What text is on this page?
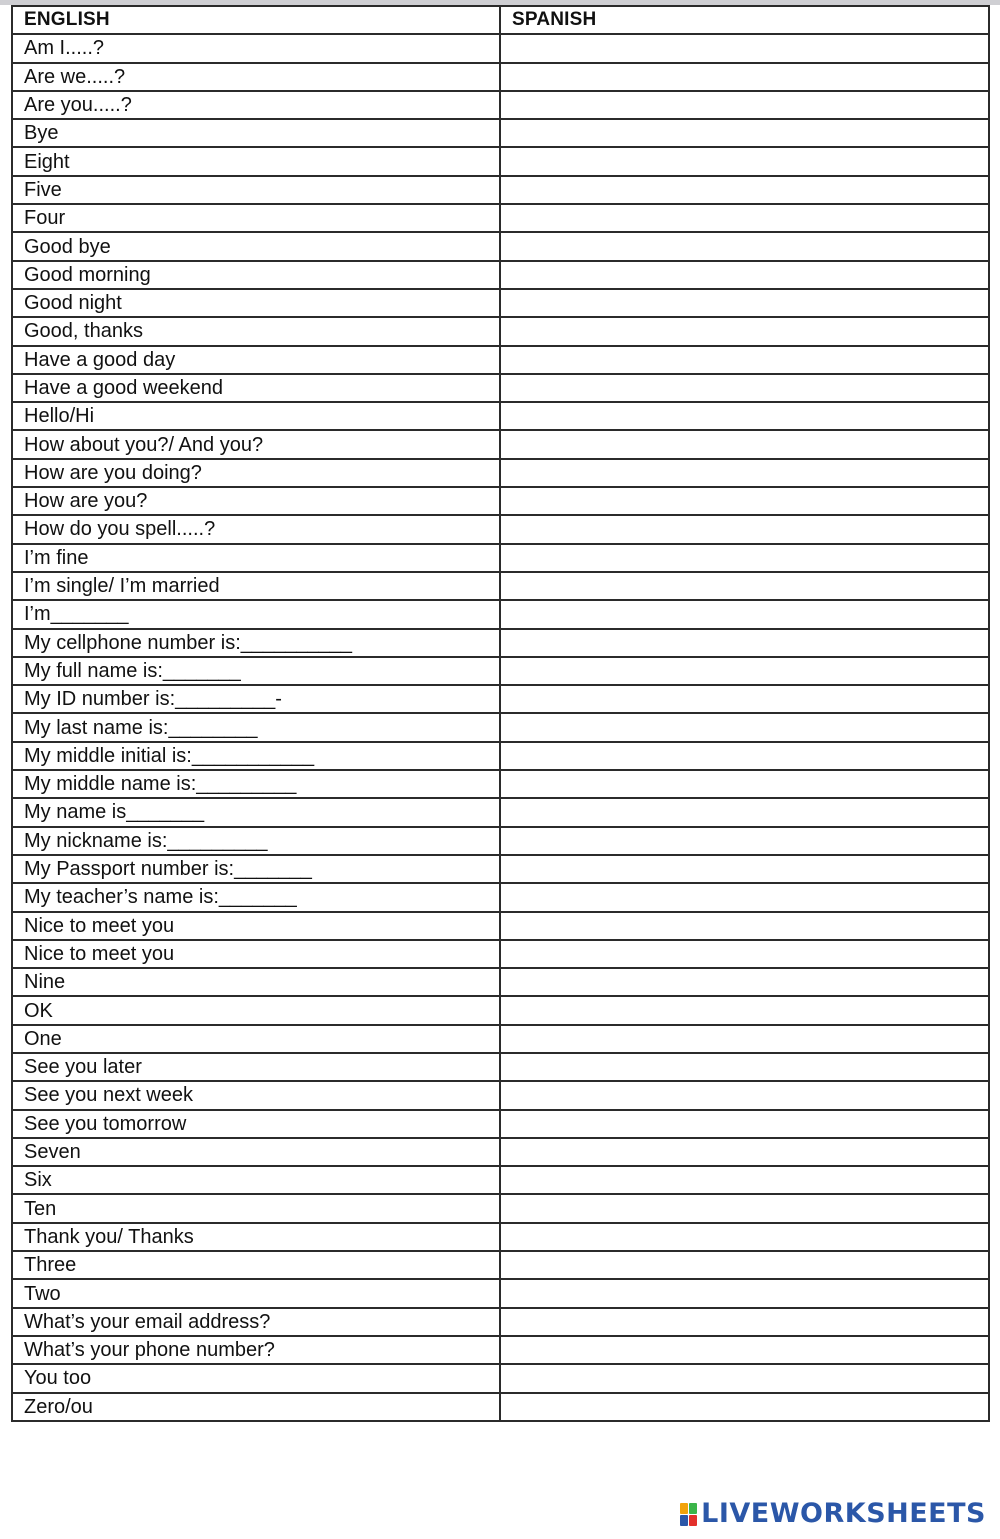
ENGLISH	SPANISH
Am I.....?	
Are we.....?	
Are you.....?	
Bye	
Eight	
Five	
Four	
Good bye	
Good morning	
Good night	
Good, thanks	
Have a good day	
Have a good weekend	
Hello/Hi	
How about you?/ And you?	
How are you doing?	
How are you?	
How do you spell.....?	
I’m fine	
I’m single/ I’m married	
I’m_______	
My cellphone number is:__________	
My full name is:_______	
My ID number is:_________-	
My last name is:________	
My middle initial is:___________	
My middle name is:_________	
My name is_______	
My nickname is:_________	
My Passport number is:_______	
My teacher’s name is:_______	
Nice to meet you	
Nice to meet you	
Nine	
OK	
One	
See you later	
See you next week	
See you tomorrow	
Seven	
Six	
Ten	
Thank you/ Thanks	
Three	
Two	
What’s your email address?	
What’s your phone number?	
You too	
Zero/ou	
LIVEWORKSHEETS
